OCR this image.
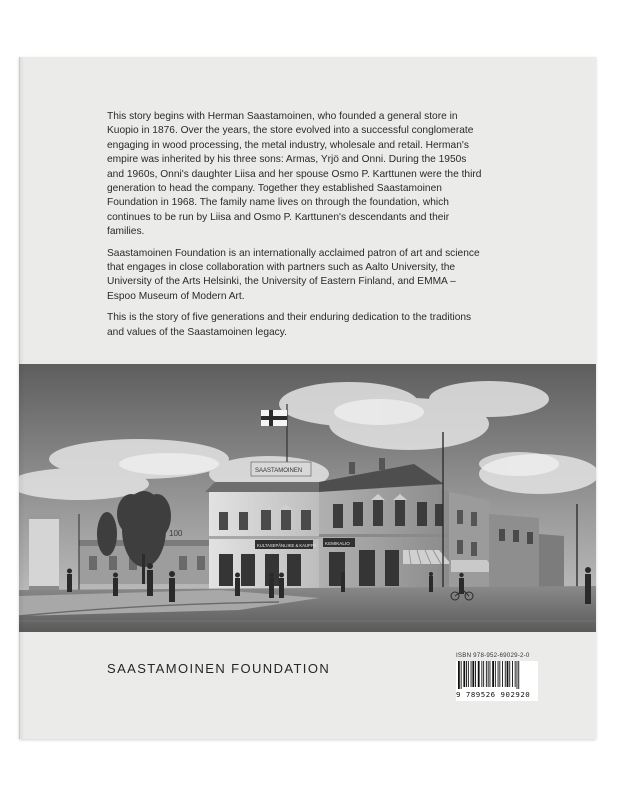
This story begins with Herman Saastamoinen, who founded a general store in Kuopio in 1876. Over the years, the store evolved into a successful conglomerate engaging in wood processing, the metal industry, wholesale and retail. Herman's empire was inherited by his three sons: Armas, Yrjö and Onni. During the 1950s and 1960s, Onni's daughter Liisa and her spouse Osmo P. Karttunen were the third generation to head the company. Together they established Saastamoinen Foundation in 1968. The family name lives on through the foundation, which continues to be run by Liisa and Osmo P. Karttunen's descendants and their families.

Saastamoinen Foundation is an internationally acclaimed patron of art and science that engages in close collaboration with partners such as Aalto University, the University of the Arts Helsinki, the University of Eastern Finland, and EMMA – Espoo Museum of Modern Art.

This is the story of five generations and their enduring dedication to the traditions and values of the Saastamoinen legacy.

100
SAASTAMOINEN
KULTASEPÄNLIIKE & KAUPPA KEMIKALIO
SAASTAMOINEN FOUNDATION
ISBN 978-952-69029-2-0
9 789526 902920
